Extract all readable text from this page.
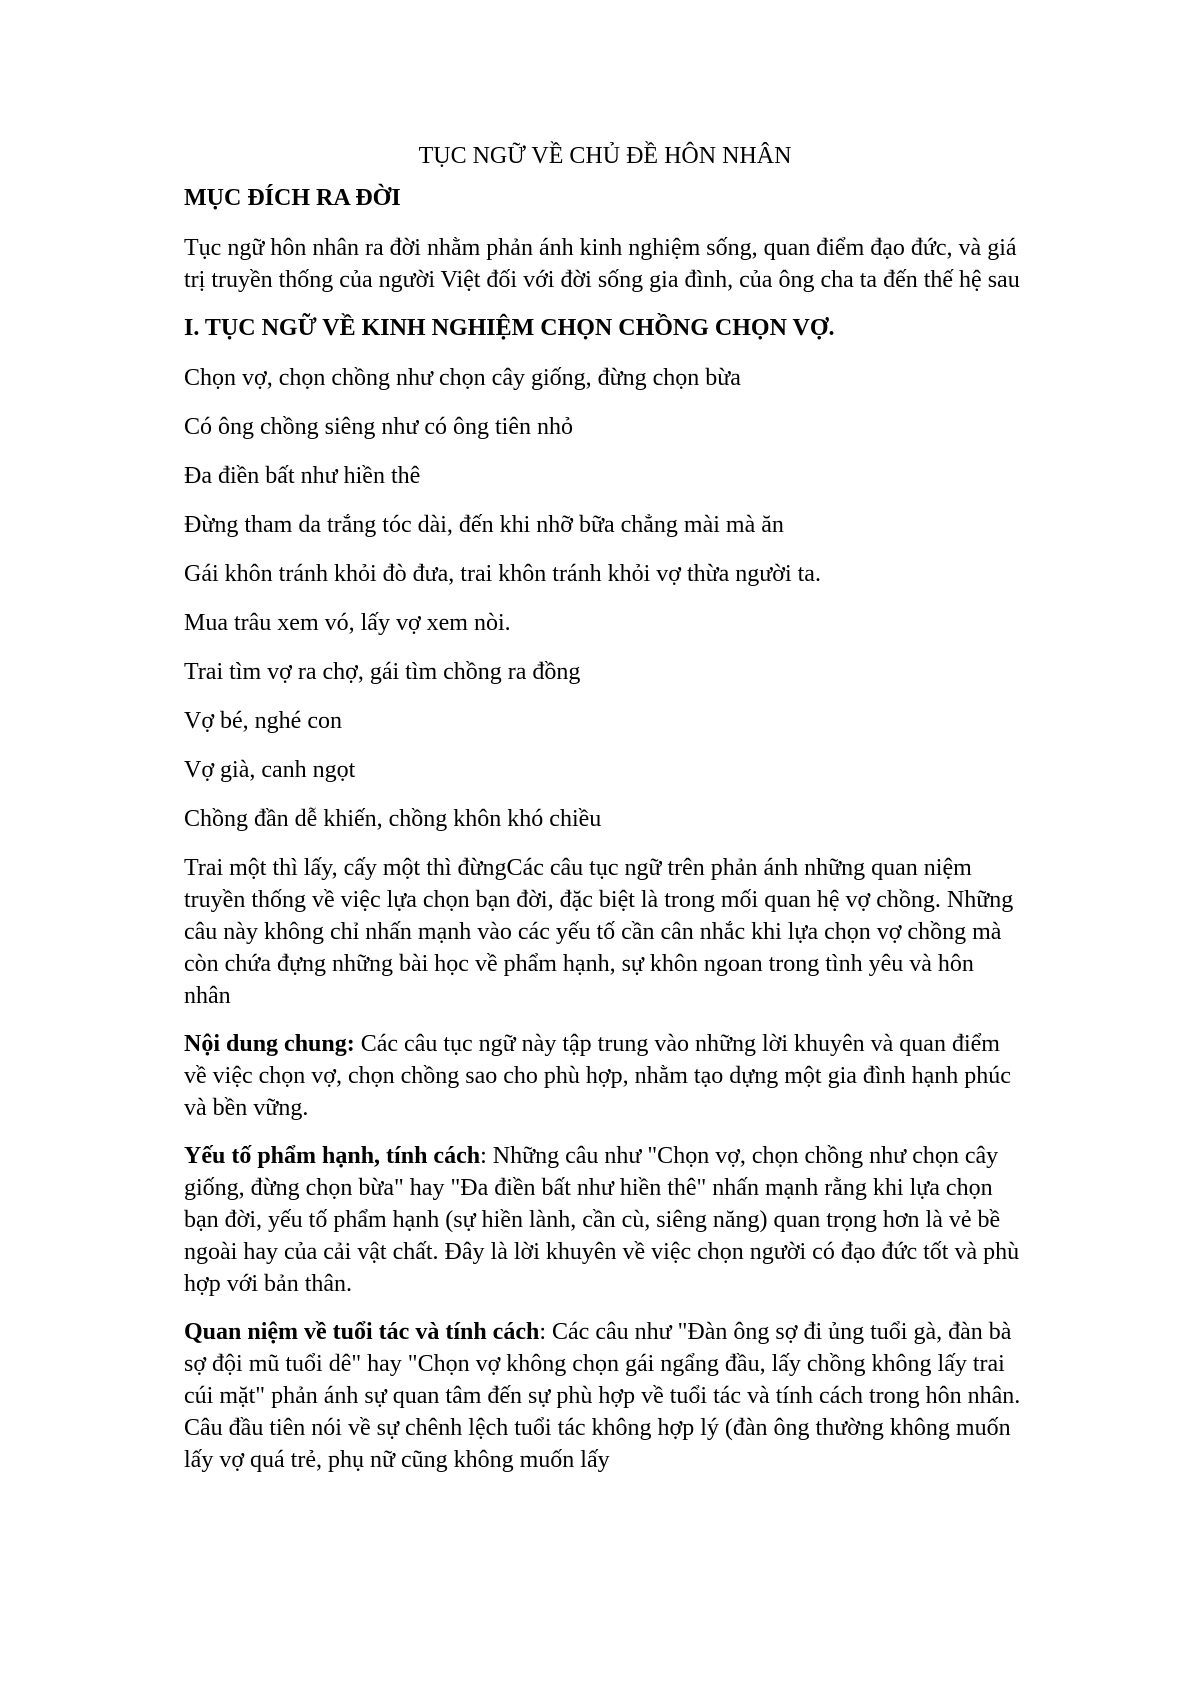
TỤC NGỮ VỀ CHỦ ĐỀ HÔN NHÂN
MỤC ĐÍCH RA ĐỜI

Tục ngữ hôn nhân ra đời nhằm phản ánh kinh nghiệm sống, quan điểm đạo đức, và giá trị truyền thống của người Việt đối với đời sống gia đình, của ông cha ta đến thế hệ sau

I. TỤC NGỮ VỀ KINH NGHIỆM CHỌN CHỒNG CHỌN VỢ.
Chọn vợ, chọn chồng như chọn cây giống, đừng chọn bừa
Có ông chồng siêng như có ông tiên nhỏ
Đa điền bất như hiền thê
Đừng tham da trắng tóc dài, đến khi nhỡ bữa chẳng mài mà ăn
Gái khôn tránh khỏi đò đưa, trai khôn tránh khỏi vợ thừa người ta.
Mua trâu xem vó, lấy vợ xem nòi.
Trai tìm vợ ra chợ, gái tìm chồng ra đồng
Vợ bé, nghé con
Vợ già, canh ngọt
Chồng đần dễ khiến, chồng khôn khó chiều

Trai một thì lấy, cấy một thì đừngCác câu tục ngữ trên phản ánh những quan niệm truyền thống về việc lựa chọn bạn đời, đặc biệt là trong mối quan hệ vợ chồng. Những câu này không chỉ nhấn mạnh vào các yếu tố cần cân nhắc khi lựa chọn vợ chồng mà còn chứa đựng những bài học về phẩm hạnh, sự khôn ngoan trong tình yêu và hôn nhân

Nội dung chung: Các câu tục ngữ này tập trung vào những lời khuyên và quan điểm về việc chọn vợ, chọn chồng sao cho phù hợp, nhằm tạo dựng một gia đình hạnh phúc và bền vững.

Yếu tố phẩm hạnh, tính cách: Những câu như "Chọn vợ, chọn chồng như chọn cây giống, đừng chọn bừa" hay "Đa điền bất như hiền thê" nhấn mạnh rằng khi lựa chọn bạn đời, yếu tố phẩm hạnh (sự hiền lành, cần cù, siêng năng) quan trọng hơn là vẻ bề ngoài hay của cải vật chất. Đây là lời khuyên về việc chọn người có đạo đức tốt và phù hợp với bản thân.

Quan niệm về tuổi tác và tính cách: Các câu như "Đàn ông sợ đi ủng tuổi gà, đàn bà sợ đội mũ tuổi dê" hay "Chọn vợ không chọn gái ngẩng đầu, lấy chồng không lấy trai cúi mặt" phản ánh sự quan tâm đến sự phù hợp về tuổi tác và tính cách trong hôn nhân. Câu đầu tiên nói về sự chênh lệch tuổi tác không hợp lý (đàn ông thường không muốn lấy vợ quá trẻ, phụ nữ cũng không muốn lấy
